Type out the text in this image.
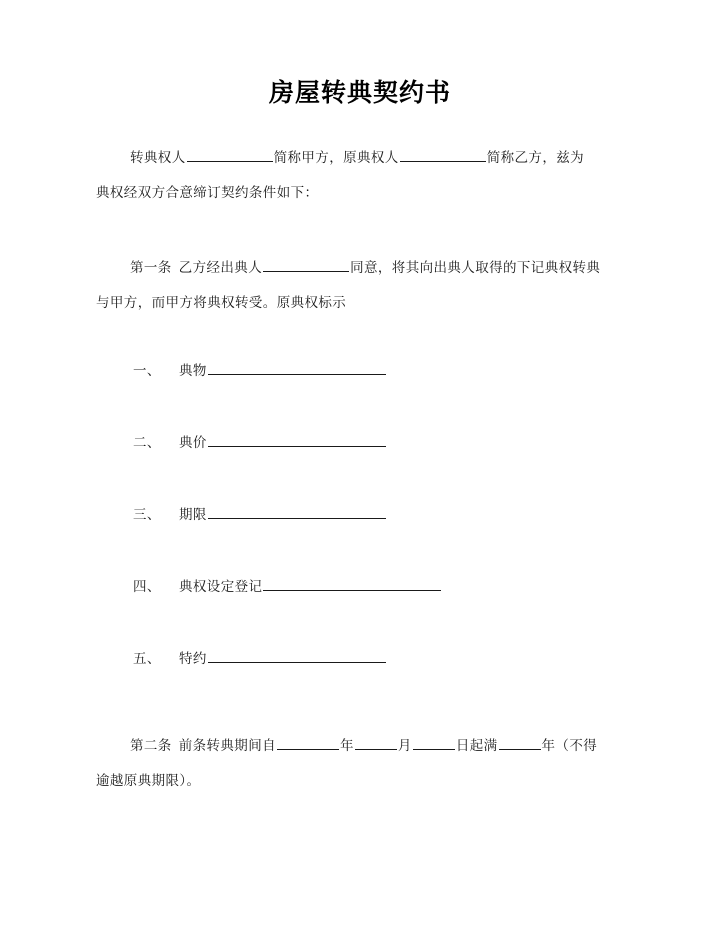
房屋转典契约书
转典权人	简称甲方，原典权人	简称乙方，兹为
典权经双方合意缔订契约条件如下：
第一条 乙方经出典人	同意，将其向出典人取得的下记典权转典
与甲方，而甲方将典权转受。原典权标示
一、 典物
二、 典价
三、 期限
四、 典权设定登记
五、 特约
第二条 前条转典期间自	年	月	日起满	年（不得
逾越原典期限）。
